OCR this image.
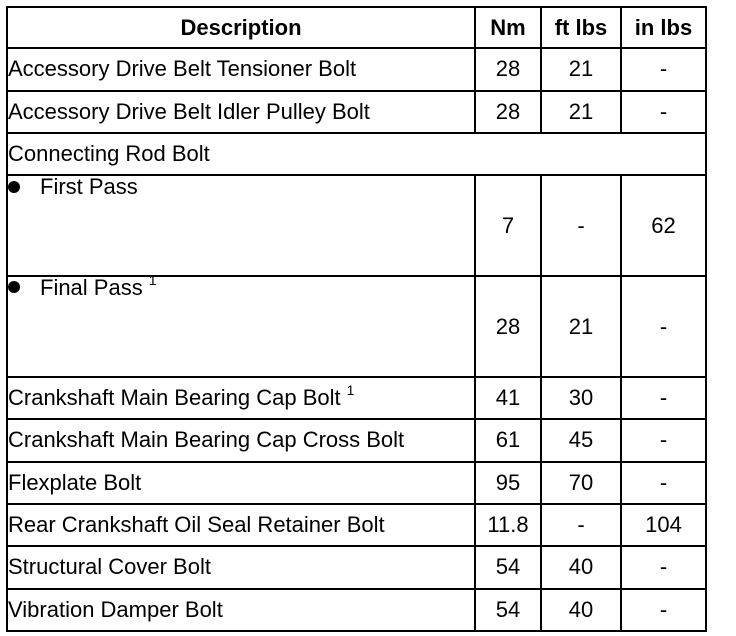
Description	Nm	ft lbs	in lbs
Accessory Drive Belt Tensioner Bolt	28	21	-
Accessory Drive Belt Idler Pulley Bolt	28	21	-
Connecting Rod Bolt			
First Pass	7	-	62
Final Pass $^1$	28	21	-
Crankshaft Main Bearing Cap Bolt $^1$	41	30	-
Crankshaft Main Bearing Cap Cross Bolt	61	45	-
Flexplate Bolt	95	70	-
Rear Crankshaft Oil Seal Retainer Bolt	11.8	-	104
Structural Cover Bolt	54	40	-
Vibration Damper Bolt	54	40	-
